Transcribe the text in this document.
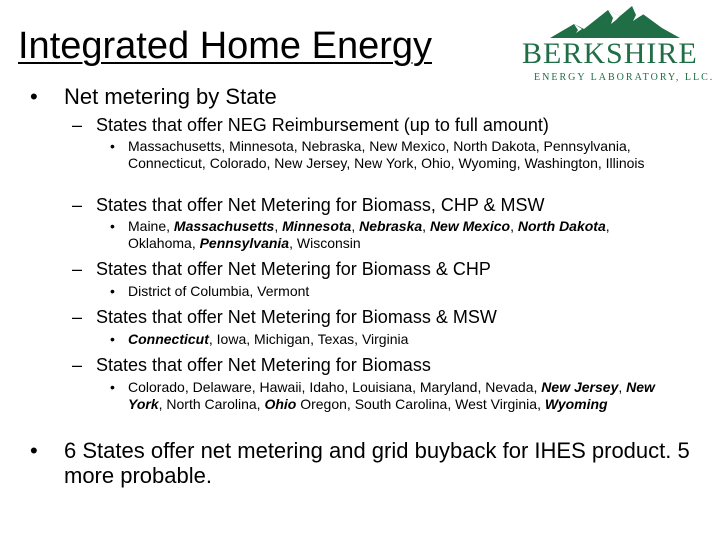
Integrated Home Energy	BERKSHIRE
ENERGY LABORATORY, LLC.
• Net metering by State
– States that offer NEG Reimbursement (up to full amount)
• Massachusetts, Minnesota, Nebraska, New Mexico, North Dakota, Pennsylvania, Connecticut, Colorado, New Jersey, New York, Ohio, Wyoming, Washington, Illinois
– States that offer Net Metering for Biomass, CHP & MSW
• Maine, Massachusetts, Minnesota, Nebraska, New Mexico, North Dakota, Oklahoma, Pennsylvania, Wisconsin
– States that offer Net Metering for Biomass & CHP
• District of Columbia, Vermont
– States that offer Net Metering for Biomass & MSW
• Connecticut, Iowa, Michigan, Texas, Virginia
– States that offer Net Metering for Biomass
• Colorado, Delaware, Hawaii, Idaho, Louisiana, Maryland, Nevada, New Jersey, New York, North Carolina, Ohio Oregon, South Carolina, West Virginia, Wyoming
• 6 States offer net metering and grid buyback for IHES product. 5 more probable.
